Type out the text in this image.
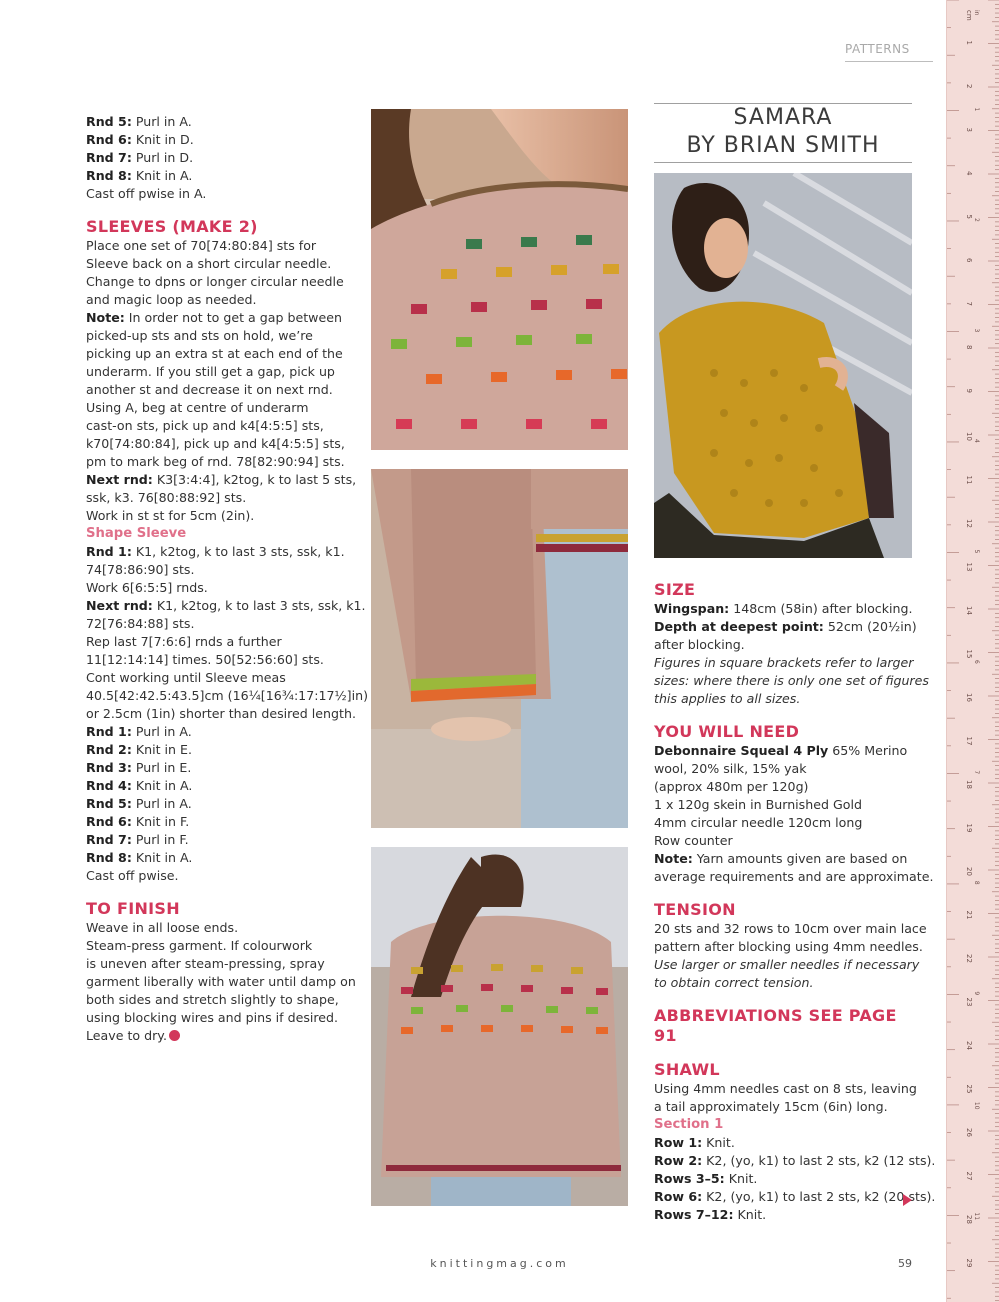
PATTERNS

Rnd 5: Purl in A.

Rnd 6: Knit in D.

Rnd 7: Purl in D.

Rnd 8: Knit in A.

Cast off pwise in A.

SLEEVES (MAKE 2)

Place one set of 70[74:80:84] sts for

Sleeve back on a short circular needle.

Change to dpns or longer circular needle

and magic loop as needed.

Note: In order not to get a gap between

picked-up sts and sts on hold, we’re

picking up an extra st at each end of the

underarm. If you still get a gap, pick up

another st and decrease it on next rnd.

Using A, beg at centre of underarm

cast-on sts, pick up and k4[4:5:5] sts,

k70[74:80:84], pick up and k4[4:5:5] sts,

pm to mark beg of rnd. 78[82:90:94] sts.

Next rnd: K3[3:4:4], k2tog, k to last 5 sts,

ssk, k3. 76[80:88:92] sts.

Work in st st for 5cm (2in).

Shape Sleeve

Rnd 1: K1, k2tog, k to last 3 sts, ssk, k1.

74[78:86:90] sts.

Work 6[6:5:5] rnds.

Next rnd: K1, k2tog, k to last 3 sts, ssk, k1.

72[76:84:88] sts.

Rep last 7[7:6:6] rnds a further

11[12:14:14] times. 50[52:56:60] sts.

Cont working until Sleeve meas

40.5[42:42.5:43.5]cm (16¼[16¾:17:17½]in)

or 2.5cm (1in) shorter than desired length.

Rnd 1: Purl in A.

Rnd 2: Knit in E.

Rnd 3: Purl in E.

Rnd 4: Knit in A.

Rnd 5: Purl in A.

Rnd 6: Knit in F.

Rnd 7: Purl in F.

Rnd 8: Knit in A.

Cast off pwise.

TO FINISH

Weave in all loose ends.

Steam-press garment. If colourwork

is uneven after steam-pressing, spray

garment liberally with water until damp on

both sides and stretch slightly to shape,

using blocking wires and pins if desired.

Leave to dry.

SAMARA
BY BRIAN SMITH
SIZE

Wingspan: 148cm (58in) after blocking.

Depth at deepest point: 52cm (20½in)

after blocking.

Figures in square brackets refer to larger

sizes: where there is only one set of figures

this applies to all sizes.

YOU WILL NEED

Debonnaire Squeal 4 Ply 65% Merino

wool, 20% silk, 15% yak

(approx 480m per 120g)

1 x 120g skein in Burnished Gold

4mm circular needle 120cm long

Row counter

Note: Yarn amounts given are based on

average requirements and are approximate.

TENSION

20 sts and 32 rows to 10cm over main lace

pattern after blocking using 4mm needles.

Use larger or smaller needles if necessary

to obtain correct tension.

ABBREVIATIONS SEE PAGE 91
SHAWL

Using 4mm needles cast on 8 sts, leaving

a tail approximately 15cm (6in) long.

Section 1

Row 1: Knit.

Row 2: K2, (yo, k1) to last 2 sts, k2 (12 sts).

Rows 3–5: Knit.

Row 6: K2, (yo, k1) to last 2 sts, k2 (20 sts).

Rows 7–12: Knit.

knittingmag.com	59
cm
1
2
3
4
5
6
7
8
9
10
11
12
13
14
15
16
17
18
19
20
21
22
23
24
25
26
27
28
29
in
1
2
3
4
5
6
7
8
9
10
11
